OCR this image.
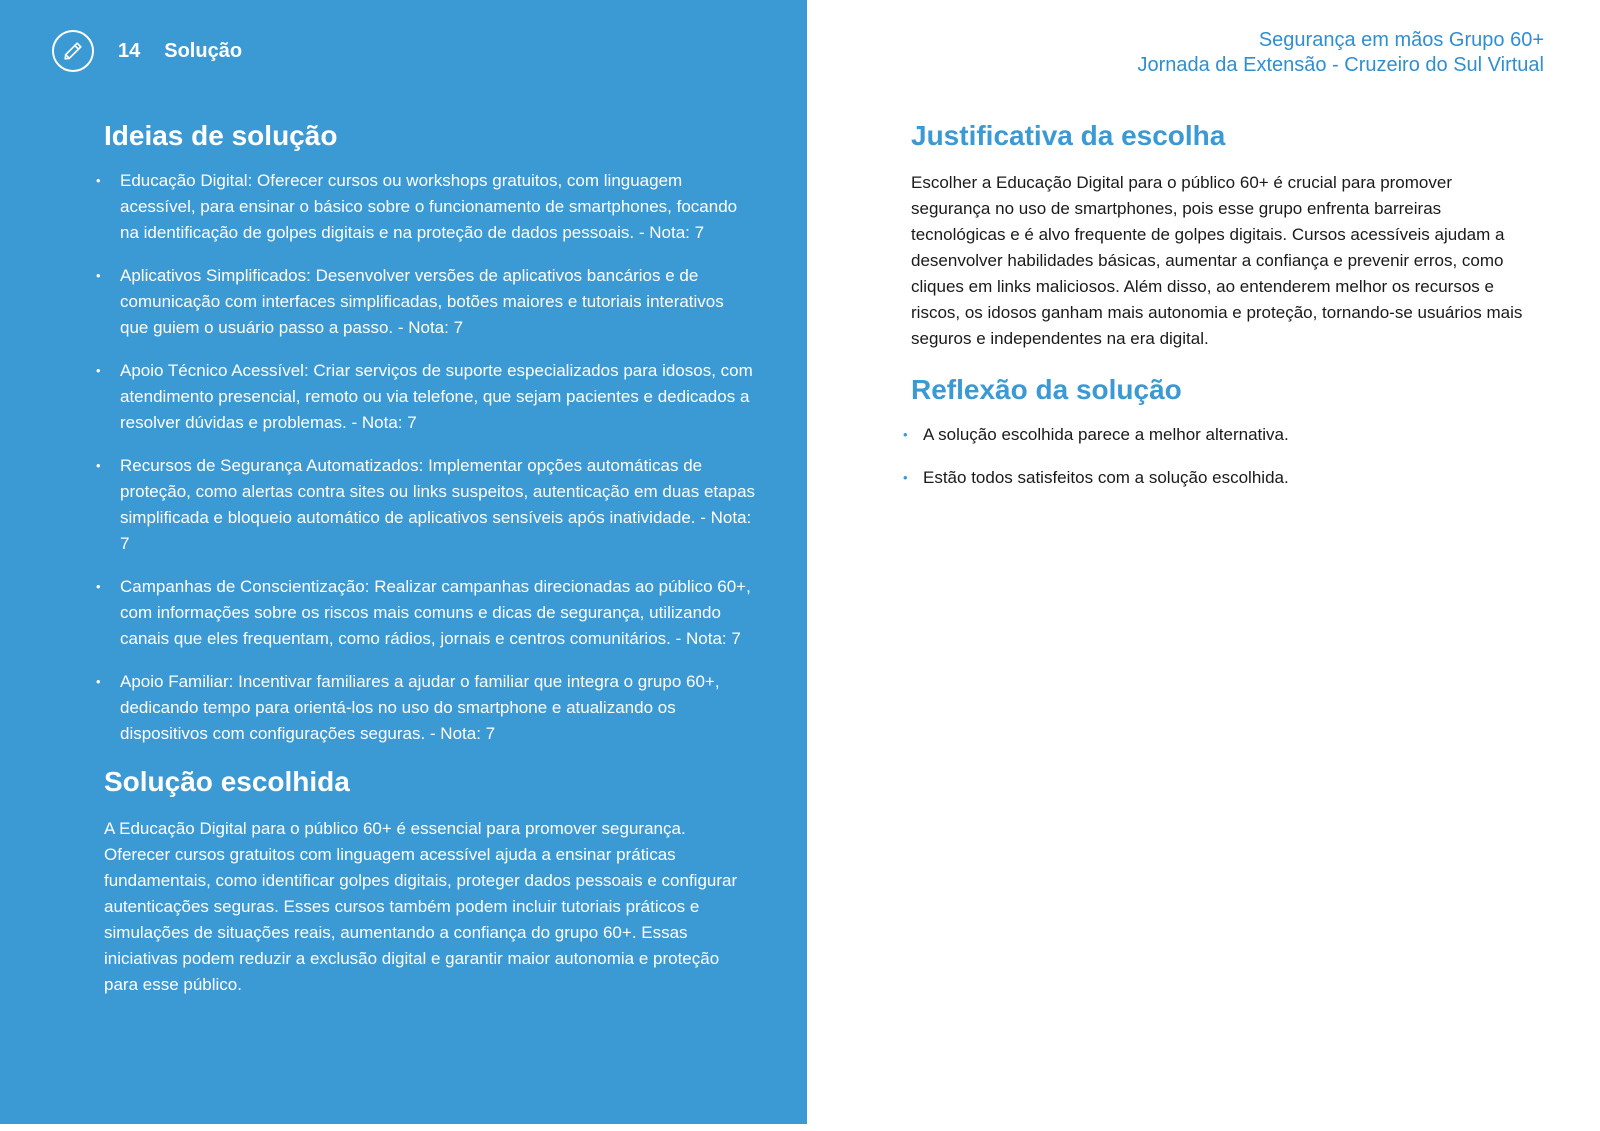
14 Solução
Ideias de solução
• Educação Digital: Oferecer cursos ou workshops gratuitos, com linguagem acessível, para ensinar o básico sobre o funcionamento de smartphones, focando na identificação de golpes digitais e na proteção de dados pessoais. - Nota: 7
• Aplicativos Simplificados: Desenvolver versões de aplicativos bancários e de comunicação com interfaces simplificadas, botões maiores e tutoriais interativos que guiem o usuário passo a passo. - Nota: 7
• Apoio Técnico Acessível: Criar serviços de suporte especializados para idosos, com atendimento presencial, remoto ou via telefone, que sejam pacientes e dedicados a resolver dúvidas e problemas. - Nota: 7
• Recursos de Segurança Automatizados: Implementar opções automáticas de proteção, como alertas contra sites ou links suspeitos, autenticação em duas etapas simplificada e bloqueio automático de aplicativos sensíveis após inatividade. - Nota: 7
• Campanhas de Conscientização: Realizar campanhas direcionadas ao público 60+, com informações sobre os riscos mais comuns e dicas de segurança, utilizando canais que eles frequentam, como rádios, jornais e centros comunitários. - Nota: 7
• Apoio Familiar: Incentivar familiares a ajudar o familiar que integra o grupo 60+, dedicando tempo para orientá-los no uso do smartphone e atualizando os dispositivos com configurações seguras. - Nota: 7
Solução escolhida
A Educação Digital para o público 60+ é essencial para promover segurança. Oferecer cursos gratuitos com linguagem acessível ajuda a ensinar práticas fundamentais, como identificar golpes digitais, proteger dados pessoais e configurar autenticações seguras. Esses cursos também podem incluir tutoriais práticos e simulações de situações reais, aumentando a confiança do grupo 60+. Essas iniciativas podem reduzir a exclusão digital e garantir maior autonomia e proteção para esse público.
Segurança em mãos Grupo 60+
Jornada da Extensão - Cruzeiro do Sul Virtual
Justificativa da escolha
Escolher a Educação Digital para o público 60+ é crucial para promover segurança no uso de smartphones, pois esse grupo enfrenta barreiras tecnológicas e é alvo frequente de golpes digitais. Cursos acessíveis ajudam a desenvolver habilidades básicas, aumentar a confiança e prevenir erros, como cliques em links maliciosos. Além disso, ao entenderem melhor os recursos e riscos, os idosos ganham mais autonomia e proteção, tornando-se usuários mais seguros e independentes na era digital.
Reflexão da solução
• A solução escolhida parece a melhor alternativa.
• Estão todos satisfeitos com a solução escolhida.
